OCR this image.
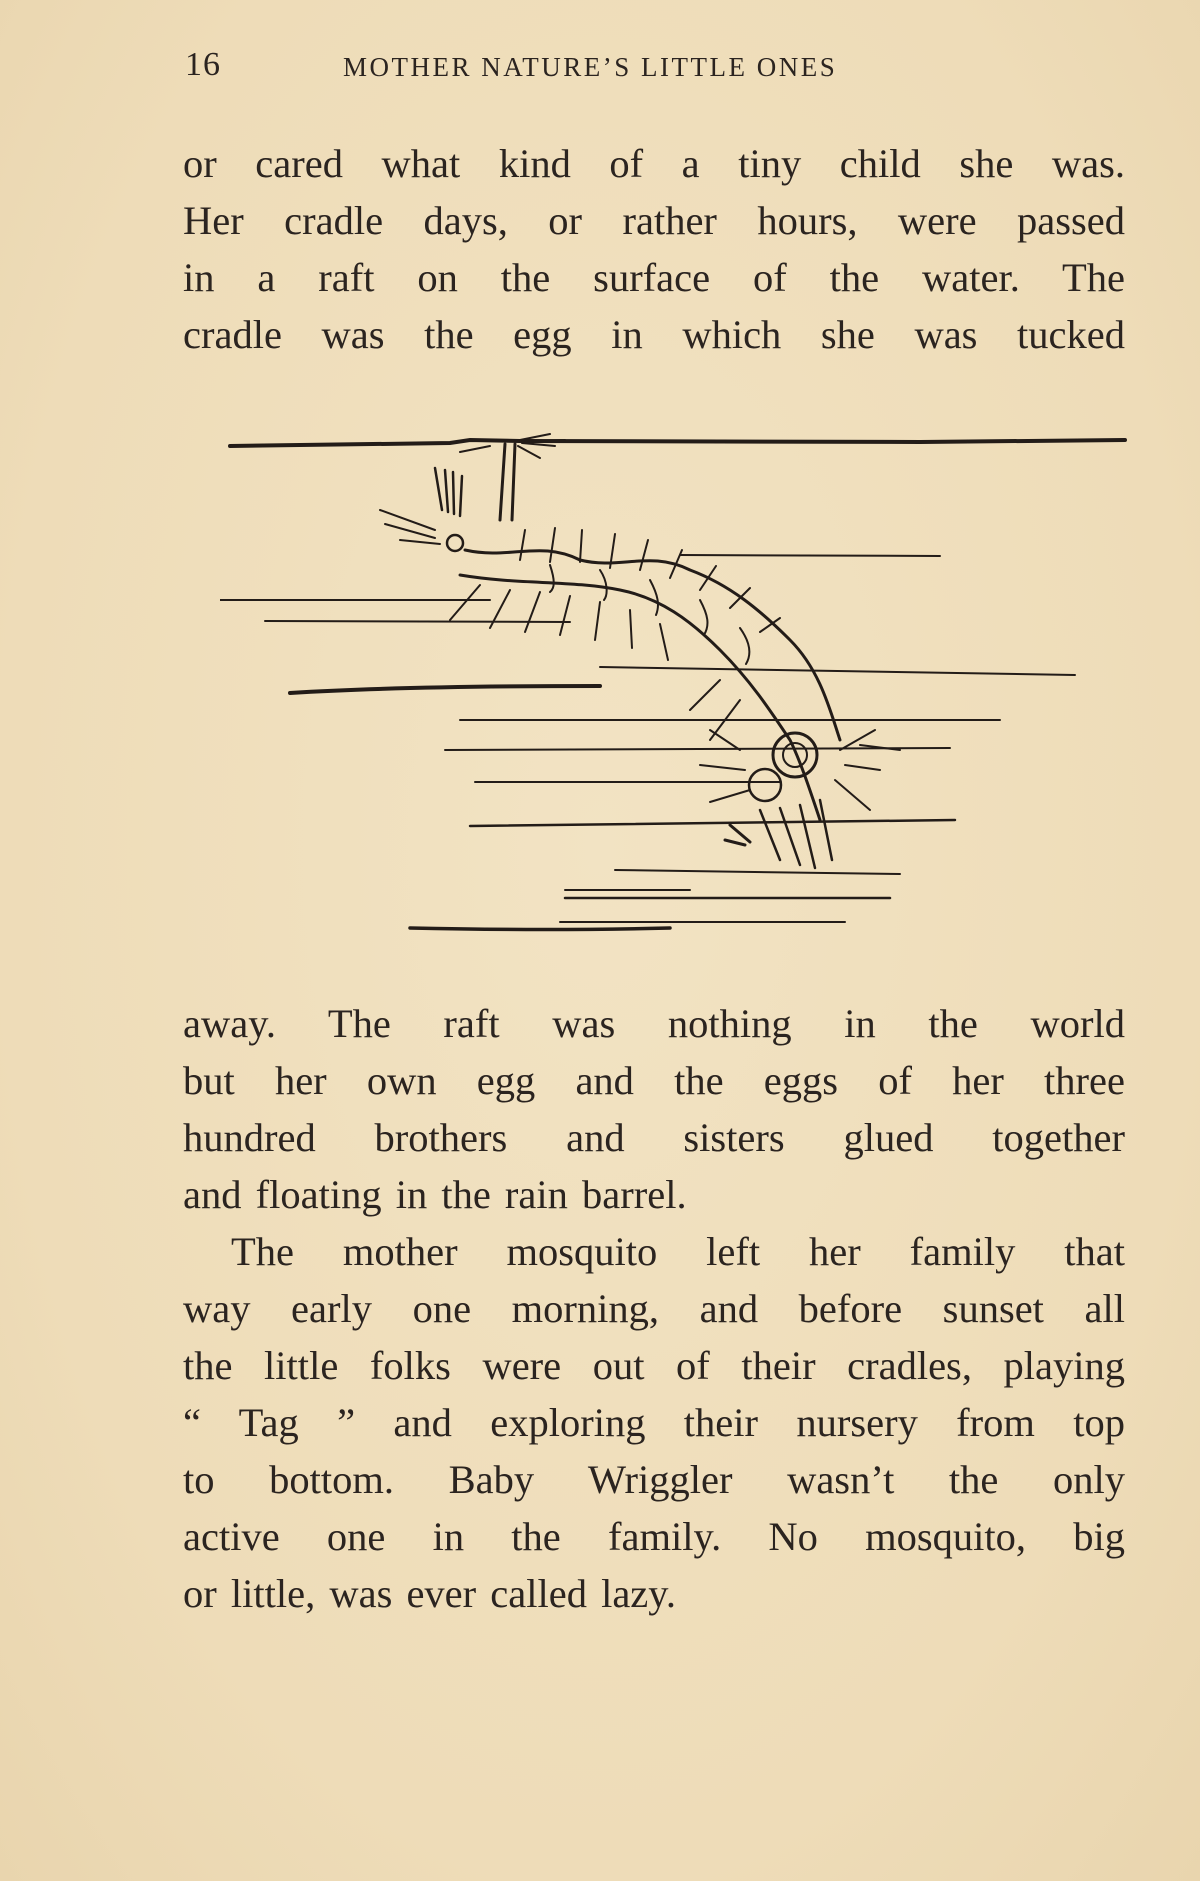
16	MOTHER NATURE’S LITTLE ONES
or cared what kind of a tiny child she was.
Her cradle days, or rather hours, were passed
in a raft on the surface of the water. The
cradle was the egg in which she was tucked
away. The raft was nothing in the world
but her own egg and the eggs of her three
hundred brothers and sisters glued together
and floating in the rain barrel.
The mother mosquito left her family that
way early one morning, and before sunset all
the little folks were out of their cradles, playing
“ Tag ” and exploring their nursery from top
to bottom. Baby Wriggler wasn’t the only
active one in the family. No mosquito, big
or little, was ever called lazy.
